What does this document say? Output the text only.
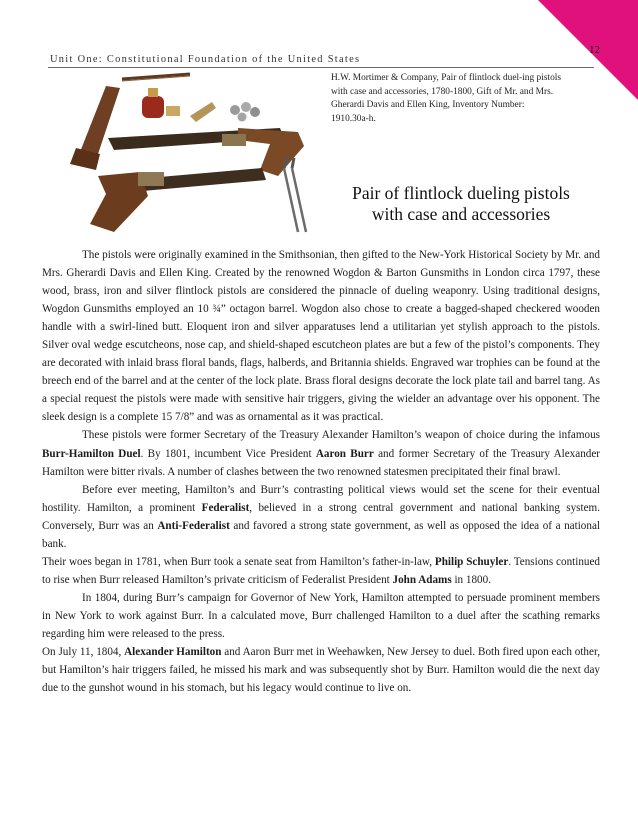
12
Unit One: Constitutional Foundation of the United States
H.W. Mortimer & Company, Pair of flintlock duel-ing pistols with case and accessories, 1780-1800, Gift of Mr. and Mrs. Gherardi Davis and Ellen King, Inventory Number: 1910.30a-h.
Pair of flintlock dueling pistols
with case and accessories

The pistols were originally examined in the Smithsonian, then gifted to the New-York Historical Society by Mr. and Mrs. Gherardi Davis and Ellen King. Created by the renowned Wogdon & Barton Gunsmiths in London circa 1797, these wood, brass, iron and silver flintlock pistols are considered the pinnacle of dueling weaponry. Using traditional designs, Wogdon Gunsmiths employed an 10 ¾” octagon barrel. Wogdon also chose to create a bagged-shaped checkered wooden handle with a swirl-lined butt. Eloquent iron and silver apparatuses lend a utilitarian yet stylish approach to the pistols. Silver oval wedge escutcheons, nose cap, and shield-shaped escutcheon plates are but a few of the pistol’s components. They are decorated with inlaid brass floral bands, flags, halberds, and Britannia shields. Engraved war trophies can be found at the breech end of the barrel and at the center of the lock plate. Brass floral designs decorate the lock plate tail and barrel tang. As a special request the pistols were made with sensitive hair triggers, giving the wielder an advantage over his opponent. The sleek design is a complete 15 7/8” and was as ornamental as it was practical.

These pistols were former Secretary of the Treasury Alexander Hamilton’s weapon of choice during the infamous Burr-Hamilton Duel. By 1801, incumbent Vice President Aaron Burr and former Secretary of the Treasury Alexander Hamilton were bitter rivals. A number of clashes between the two renowned statesmen precipitated their final brawl.

Before ever meeting, Hamilton’s and Burr’s contrasting political views would set the scene for their eventual hostility. Hamilton, a prominent Federalist, believed in a strong central government and national banking system. Conversely, Burr was an Anti-Federalist and favored a strong state government, as well as opposed the idea of a national bank.

Their woes began in 1781, when Burr took a senate seat from Hamilton’s father-in-law, Philip Schuyler. Tensions continued to rise when Burr released Hamilton’s private criticism of Federalist President John Adams in 1800.

In 1804, during Burr’s campaign for Governor of New York, Hamilton attempted to persuade prominent members in New York to work against Burr. In a calculated move, Burr challenged Hamilton to a duel after the scathing remarks regarding him were released to the press.

On July 11, 1804, Alexander Hamilton and Aaron Burr met in Weehawken, New Jersey to duel. Both fired upon each other, but Hamilton’s hair triggers failed, he missed his mark and was subsequently shot by Burr. Hamilton would die the next day due to the gunshot wound in his stomach, but his legacy would continue to live on.
